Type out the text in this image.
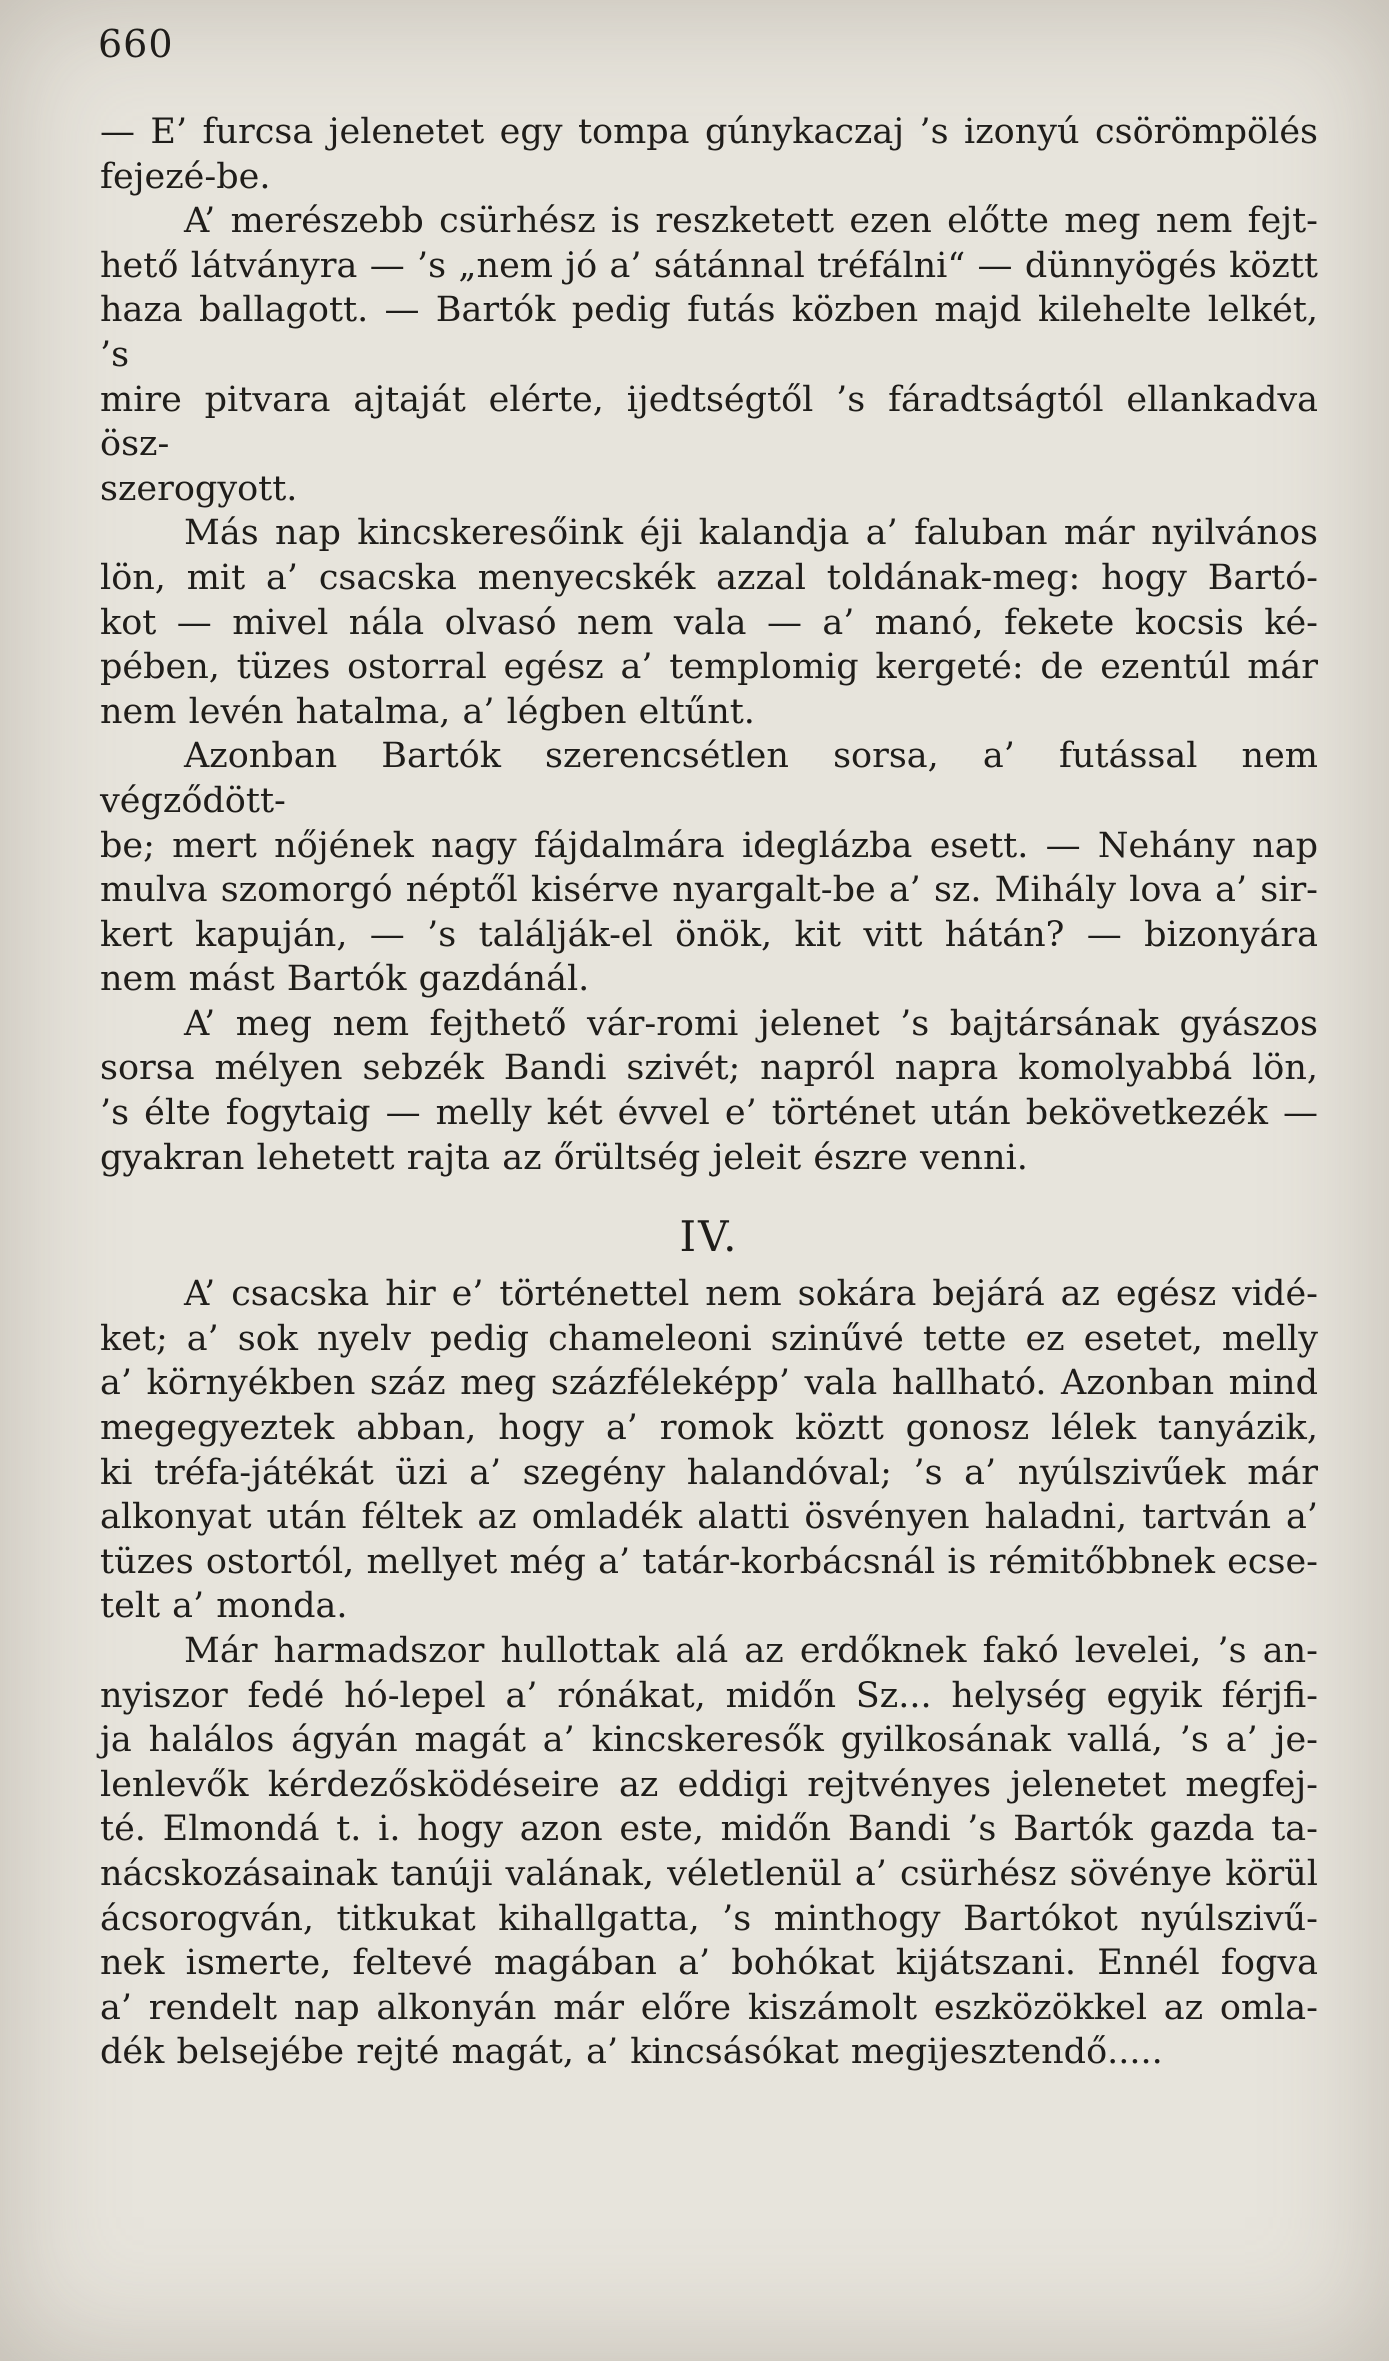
660
— E’ furcsa jelenetet egy tompa gúnykaczaj ’s izonyú csörömpölés
fejezé-be.
A’ merészebb csürhész is reszketett ezen előtte meg nem fejt-
hető látványra — ’s „nem jó a’ sátánnal tréfálni“ — dünnyögés köztt
haza ballagott. — Bartók pedig futás közben majd kilehelte lelkét, ’s
mire pitvara ajtaját elérte, ijedtségtől ’s fáradtságtól ellankadva ösz-
szerogyott.
Más nap kincskeresőink éji kalandja a’ faluban már nyilvános
lön, mit a’ csacska menyecskék azzal toldának-meg: hogy Bartó-
kot — mivel nála olvasó nem vala — a’ manó, fekete kocsis ké-
pében, tüzes ostorral egész a’ templomig kergeté: de ezentúl már
nem levén hatalma, a’ légben eltűnt.
Azonban Bartók szerencsétlen sorsa, a’ futással nem végződött-
be; mert nőjének nagy fájdalmára ideglázba esett. — Nehány nap
mulva szomorgó néptől kisérve nyargalt-be a’ sz. Mihály lova a’ sir-
kert kapuján, — ’s találják-el önök, kit vitt hátán? — bizonyára
nem mást Bartók gazdánál.
A’ meg nem fejthető vár-romi jelenet ’s bajtársának gyászos
sorsa mélyen sebzék Bandi szivét; napról napra komolyabbá lön,
’s élte fogytaig — melly két évvel e’ történet után bekövetkezék —
gyakran lehetett rajta az őrültség jeleit észre venni.
IV.
A’ csacska hir e’ történettel nem sokára bejárá az egész vidé-
ket; a’ sok nyelv pedig chameleoni szinűvé tette ez esetet, melly
a’ környékben száz meg százféleképp’ vala hallható. Azonban mind
megegyeztek abban, hogy a’ romok köztt gonosz lélek tanyázik,
ki tréfa-játékát üzi a’ szegény halandóval; ’s a’ nyúlszivűek már
alkonyat után féltek az omladék alatti ösvényen haladni, tartván a’
tüzes ostortól, mellyet még a’ tatár-korbácsnál is rémitőbbnek ecse-
telt a’ monda.
Már harmadszor hullottak alá az erdőknek fakó levelei, ’s an-
nyiszor fedé hó-lepel a’ rónákat, midőn Sz... helység egyik férjfi-
ja halálos ágyán magát a’ kincskeresők gyilkosának vallá, ’s a’ je-
lenlevők kérdezősködéseire az eddigi rejtvényes jelenetet megfej-
té. Elmondá t. i. hogy azon este, midőn Bandi ’s Bartók gazda ta-
nácskozásainak tanúji valának, véletlenül a’ csürhész sövénye körül
ácsorogván, titkukat kihallgatta, ’s minthogy Bartókot nyúlszivű-
nek ismerte, feltevé magában a’ bohókat kijátszani. Ennél fogva
a’ rendelt nap alkonyán már előre kiszámolt eszközökkel az omla-
dék belsejébe rejté magát, a’ kincsásókat megijesztendő.....
